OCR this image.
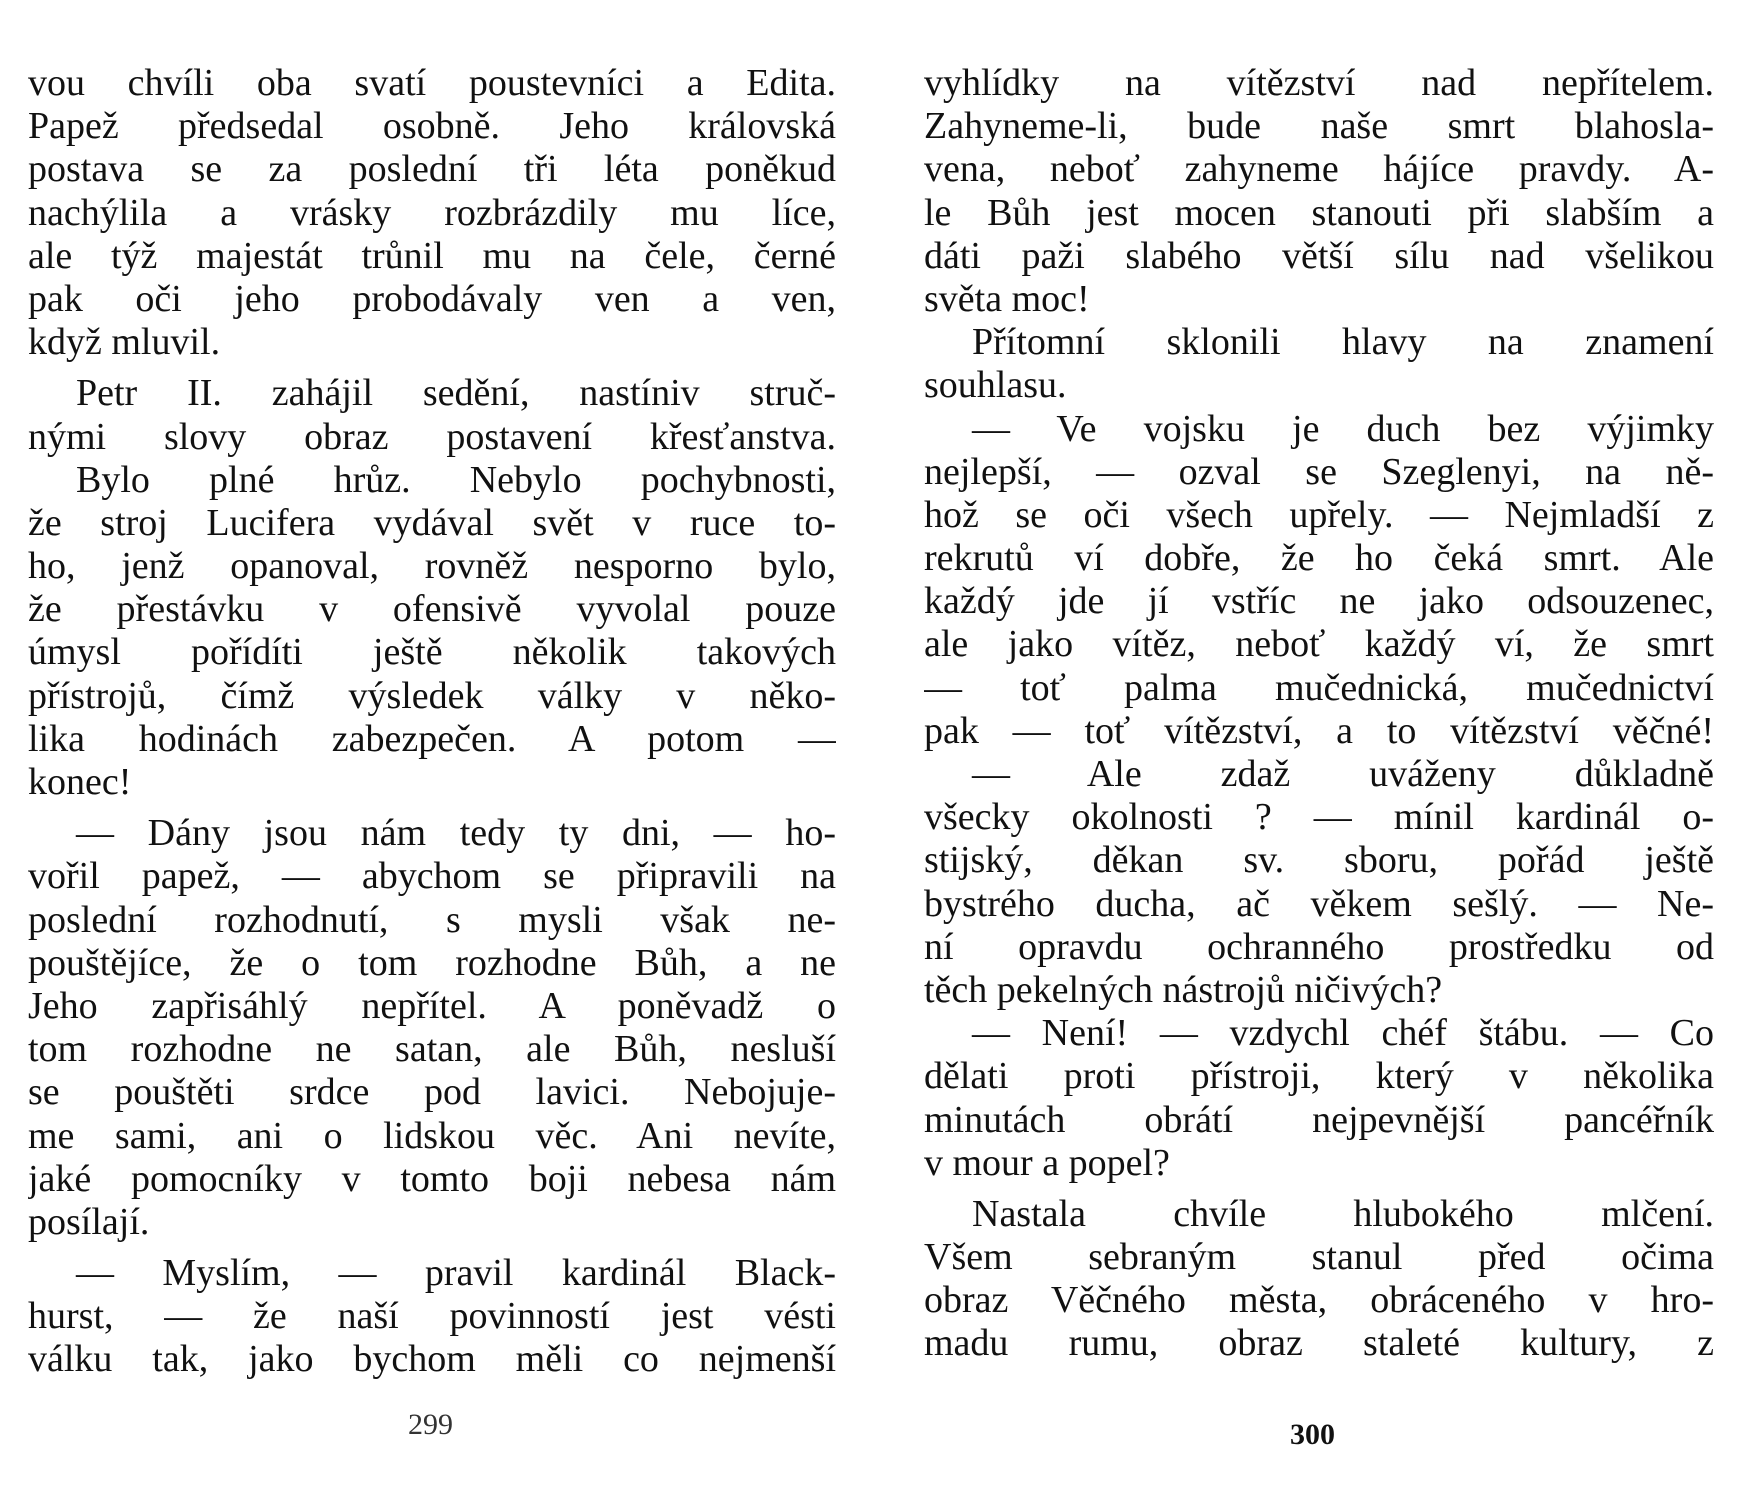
vou chvíli oba svatí poustevníci a Edita.
Papež předsedal osobně. Jeho královská
postava se za poslední tři léta poněkud
nachýlila a vrásky rozbrázdily mu líce,
ale týž majestát trůnil mu na čele, černé
pak oči jeho probodávaly ven a ven,
když mluvil.
Petr II. zahájil sedění, nastíniv struč-
nými slovy obraz postavení křesťanstva.
Bylo plné hrůz. Nebylo pochybnosti,
že stroj Lucifera vydával svět v ruce to-
ho, jenž opanoval, rovněž nesporno bylo,
že přestávku v ofensivě vyvolal pouze
úmysl pořídíti ještě několik takových
přístrojů, čímž výsledek války v něko-
lika hodinách zabezpečen. A potom —
konec!
— Dány jsou nám tedy ty dni, — ho-
vořil papež, — abychom se připravili na
poslední rozhodnutí, s mysli však ne-
pouštějíce, že o tom rozhodne Bůh, a ne
Jeho zapřisáhlý nepřítel. A poněvadž o
tom rozhodne ne satan, ale Bůh, nesluší
se pouštěti srdce pod lavici. Nebojuje-
me sami, ani o lidskou věc. Ani nevíte,
jaké pomocníky v tomto boji nebesa nám
posílají.
— Myslím, — pravil kardinál Black-
hurst, — že naší povinností jest vésti
válku tak, jako bychom měli co nejmenší
299
vyhlídky na vítězství nad nepřítelem.
Zahyneme-li, bude naše smrt blahosla-
vena, neboť zahyneme hájíce pravdy. A-
le Bůh jest mocen stanouti při slabším a
dáti paži slabého větší sílu nad všelikou
světa moc!
Přítomní sklonili hlavy na znamení
souhlasu.
— Ve vojsku je duch bez výjimky
nejlepší, — ozval se Szeglenyi, na ně-
hož se oči všech upřely. — Nejmladší z
rekrutů ví dobře, že ho čeká smrt. Ale
každý jde jí vstříc ne jako odsouzenec,
ale jako vítěz, neboť každý ví, že smrt
— toť palma mučednická, mučednictví
pak — toť vítězství, a to vítězství věčné!
— Ale zdaž uváženy důkladně
všecky okolnosti ? — mínil kardinál o-
stijský, děkan sv. sboru, pořád ještě
bystrého ducha, ač věkem sešlý. — Ne-
ní opravdu ochranného prostředku od
těch pekelných nástrojů ničivých?
— Není! — vzdychl chéf štábu. — Co
dělati proti přístroji, který v několika
minutách obrátí nejpevnější pancéřník
v mour a popel?
Nastala chvíle hlubokého mlčení.
Všem sebraným stanul před očima
obraz Věčného města, obráceného v hro-
madu rumu, obraz staleté kultury, z
300
